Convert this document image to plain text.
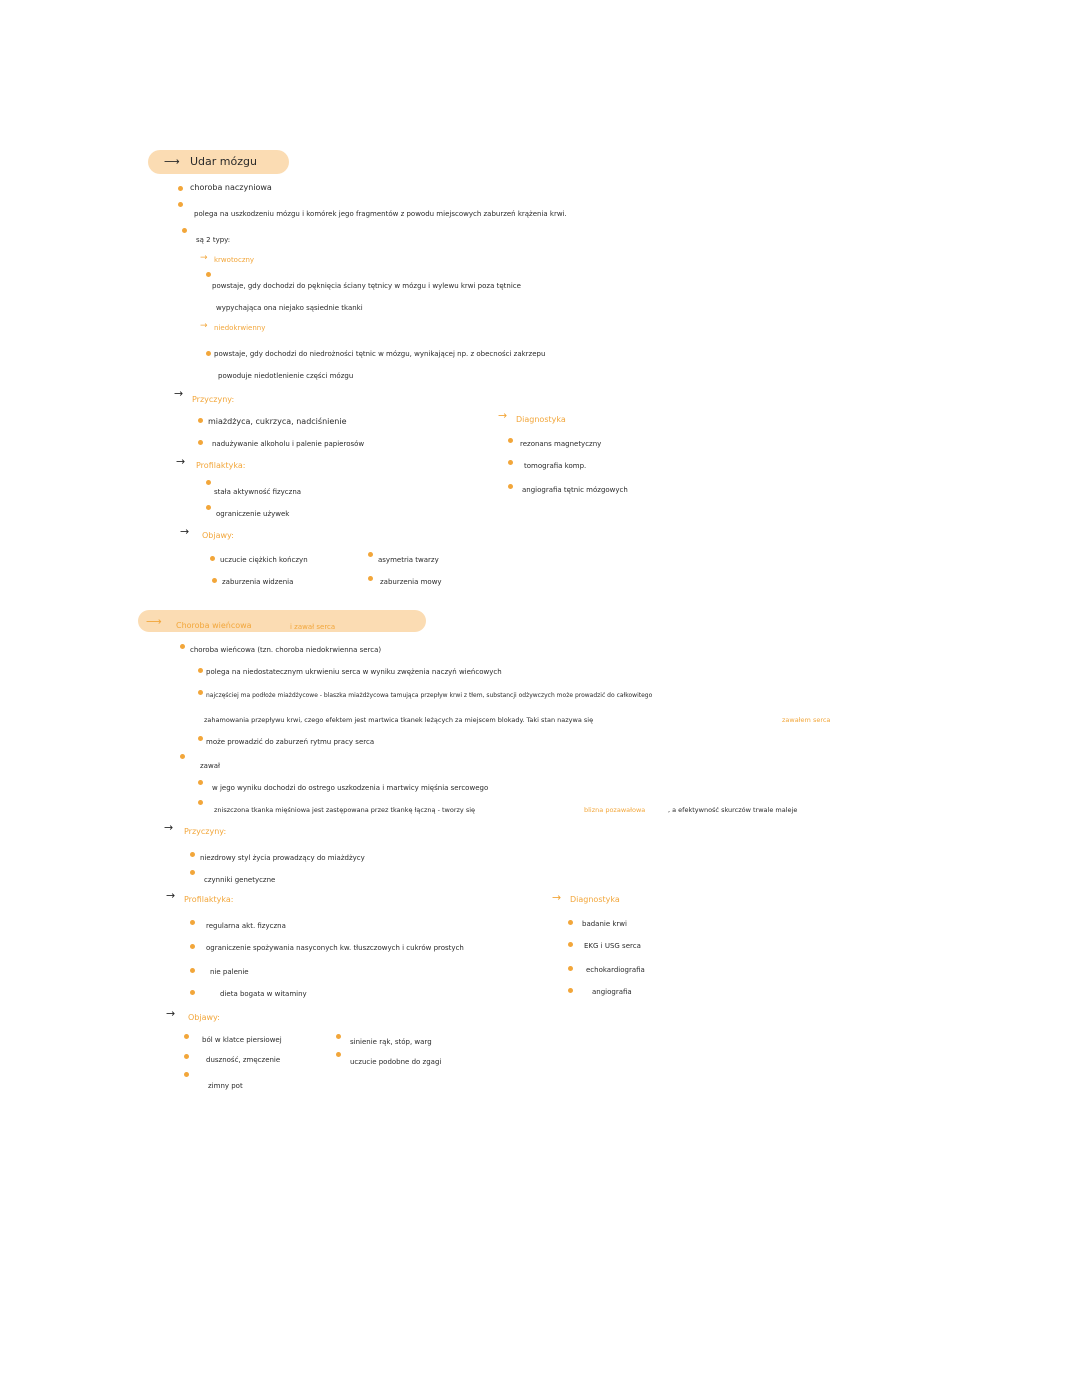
⟶ Udar mózgu
choroba naczyniowa
polega na uszkodzeniu mózgu i komórek jego fragmentów z powodu miejscowych zaburzeń krążenia krwi.
są 2 typy:
→ krwotoczny
powstaje, gdy dochodzi do pęknięcia ściany tętnicy w mózgu i wylewu krwi poza tętnice
wypychająca ona niejako sąsiednie tkanki
→ niedokrwienny
powstaje, gdy dochodzi do niedrożności tętnic w mózgu, wynikającej np. z obecności zakrzepu
powoduje niedotlenienie części mózgu
→ Przyczyny:
miażdżyca, cukrzyca, nadciśnienie
nadużywanie alkoholu i palenie papierosów
→ Profilaktyka:
stała aktywność fizyczna
ograniczenie używek
→ Objawy:
uczucie ciężkich kończyn
zaburzenia widzenia
asymetria twarzy
zaburzenia mowy
→ Diagnostyka
rezonans magnetyczny
tomografia komp.
angiografia tętnic mózgowych
⟶ Choroba wieńcowa	i zawał serca
choroba wieńcowa (tzn. choroba niedokrwienna serca)
polega na niedostatecznym ukrwieniu serca w wyniku zwężenia naczyń wieńcowych
najczęściej ma podłoże miażdżycowe - blaszka miażdżycowa tamująca przepływ krwi z tłem, substancji odżywczych może prowadzić do całkowitego
zahamowania przepływu krwi, czego efektem jest martwica tkanek leżących za miejscem blokady. Taki stan nazywa się	zawałem serca
może prowadzić do zaburzeń rytmu pracy serca
zawał
w jego wyniku dochodzi do ostrego uszkodzenia i martwicy mięśnia sercowego
zniszczona tkanka mięśniowa jest zastępowana przez tkankę łączną - tworzy się	blizna pozawałowa	, a efektywność skurczów trwale maleje
→ Przyczyny:
niezdrowy styl życia prowadzący do miażdżycy
czynniki genetyczne
→ Profilaktyka:
regularna akt. fizyczna
ograniczenie spożywania nasyconych kw. tłuszczowych i cukrów prostych
nie palenie
dieta bogata w witaminy
→ Objawy:
ból w klatce piersiowej
duszność, zmęczenie
zimny pot
sinienie rąk, stóp, warg
uczucie podobne do zgagi
→ Diagnostyka
badanie krwi
EKG i USG serca
echokardiografia
angiografia
